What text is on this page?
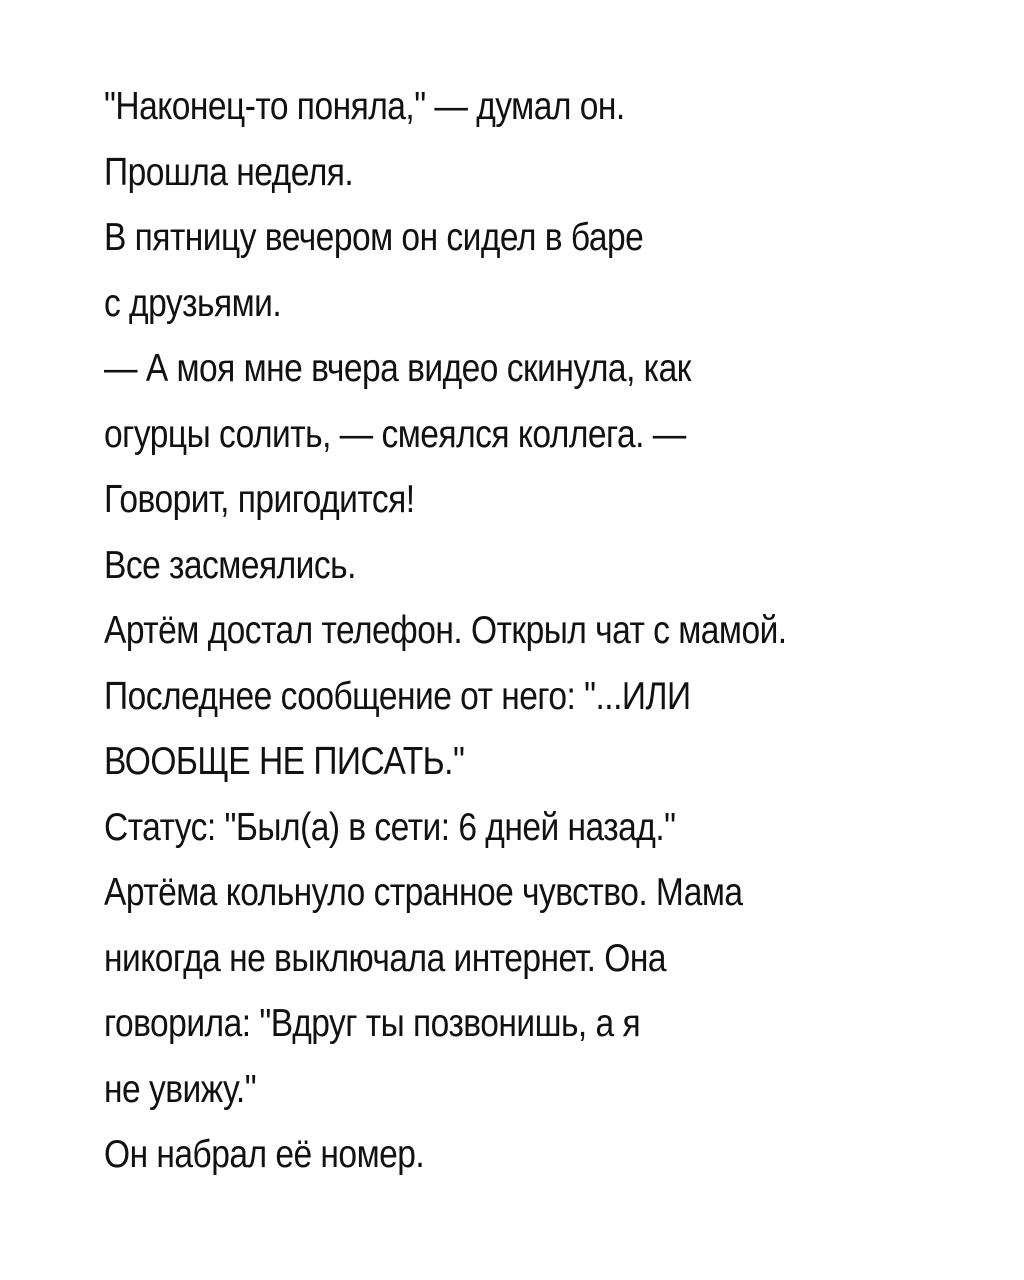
"Наконец-то поняла," — думал он.
Прошла неделя.
В пятницу вечером он сидел в баре
с друзьями.
— А моя мне вчера видео скинула, как
огурцы солить, — смеялся коллега. —
Говорит, пригодится!
Все засмеялись.
Артём достал телефон. Открыл чат с мамой.
Последнее сообщение от него: "...ИЛИ
ВООБЩЕ НЕ ПИСАТЬ."
Статус: "Был(а) в сети: 6 дней назад."
Артёма кольнуло странное чувство. Мама
никогда не выключала интернет. Она
говорила: "Вдруг ты позвонишь, а я
не увижу."
Он набрал её номер.
